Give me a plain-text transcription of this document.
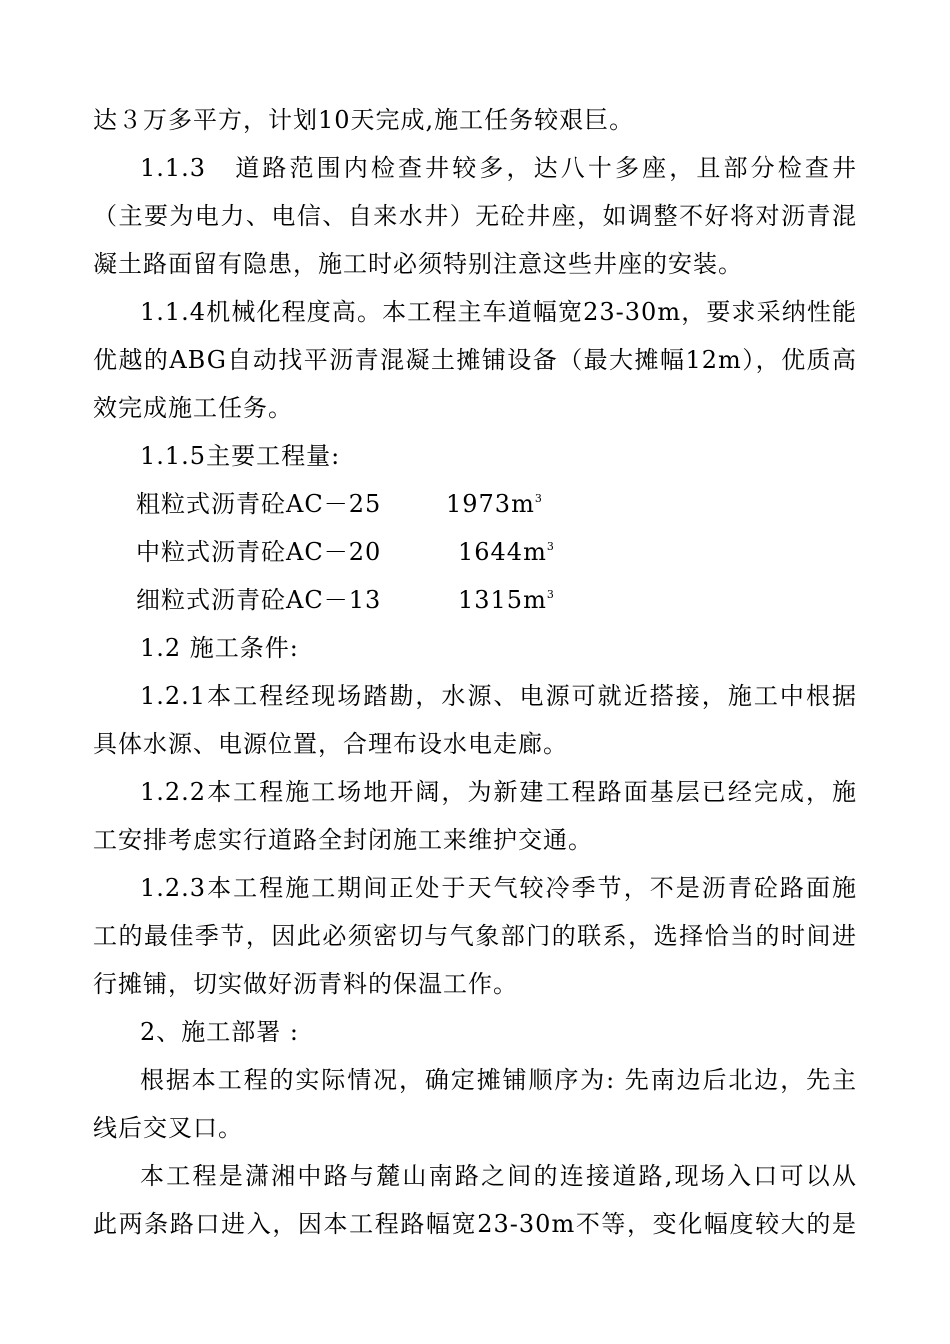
达３万多平方，计划10天完成,施工任务较艰巨。
1.1.3　道路范围内检查井较多，达八十多座，且部分检查井
（主要为电力、电信、自来水井）无砼井座，如调整不好将对沥青混
凝土路面留有隐患，施工时必须特别注意这些井座的安装。
1.1.4机械化程度高。本工程主车道幅宽23-30m，要求采纳性能
优越的ABG自动找平沥青混凝土摊铺设备（最大摊幅12m），优质高
效完成施工任务。
1.1.5主要工程量:
粗粒式沥青砼AC－25	$1973m^3$
中粒式沥青砼AC－20	$1644m^3$
细粒式沥青砼AC－13	$1315m^3$
1.2 施工条件:
1.2.1本工程经现场踏勘，水源、电源可就近搭接，施工中根据
具体水源、电源位置，合理布设水电走廊。
1.2.2本工程施工场地开阔，为新建工程路面基层已经完成，施
工安排考虑实行道路全封闭施工来维护交通。
1.2.3本工程施工期间正处于天气较冷季节，不是沥青砼路面施
工的最佳季节，因此必须密切与气象部门的联系，选择恰当的时间进
行摊铺，切实做好沥青料的保温工作。
2、施工部署 :
根据本工程的实际情况，确定摊铺顺序为: 先南边后北边，先主
线后交叉口。
本工程是潇湘中路与麓山南路之间的连接道路,现场入口可以从
此两条路口进入，因本工程路幅宽23-30m不等，变化幅度较大的是
